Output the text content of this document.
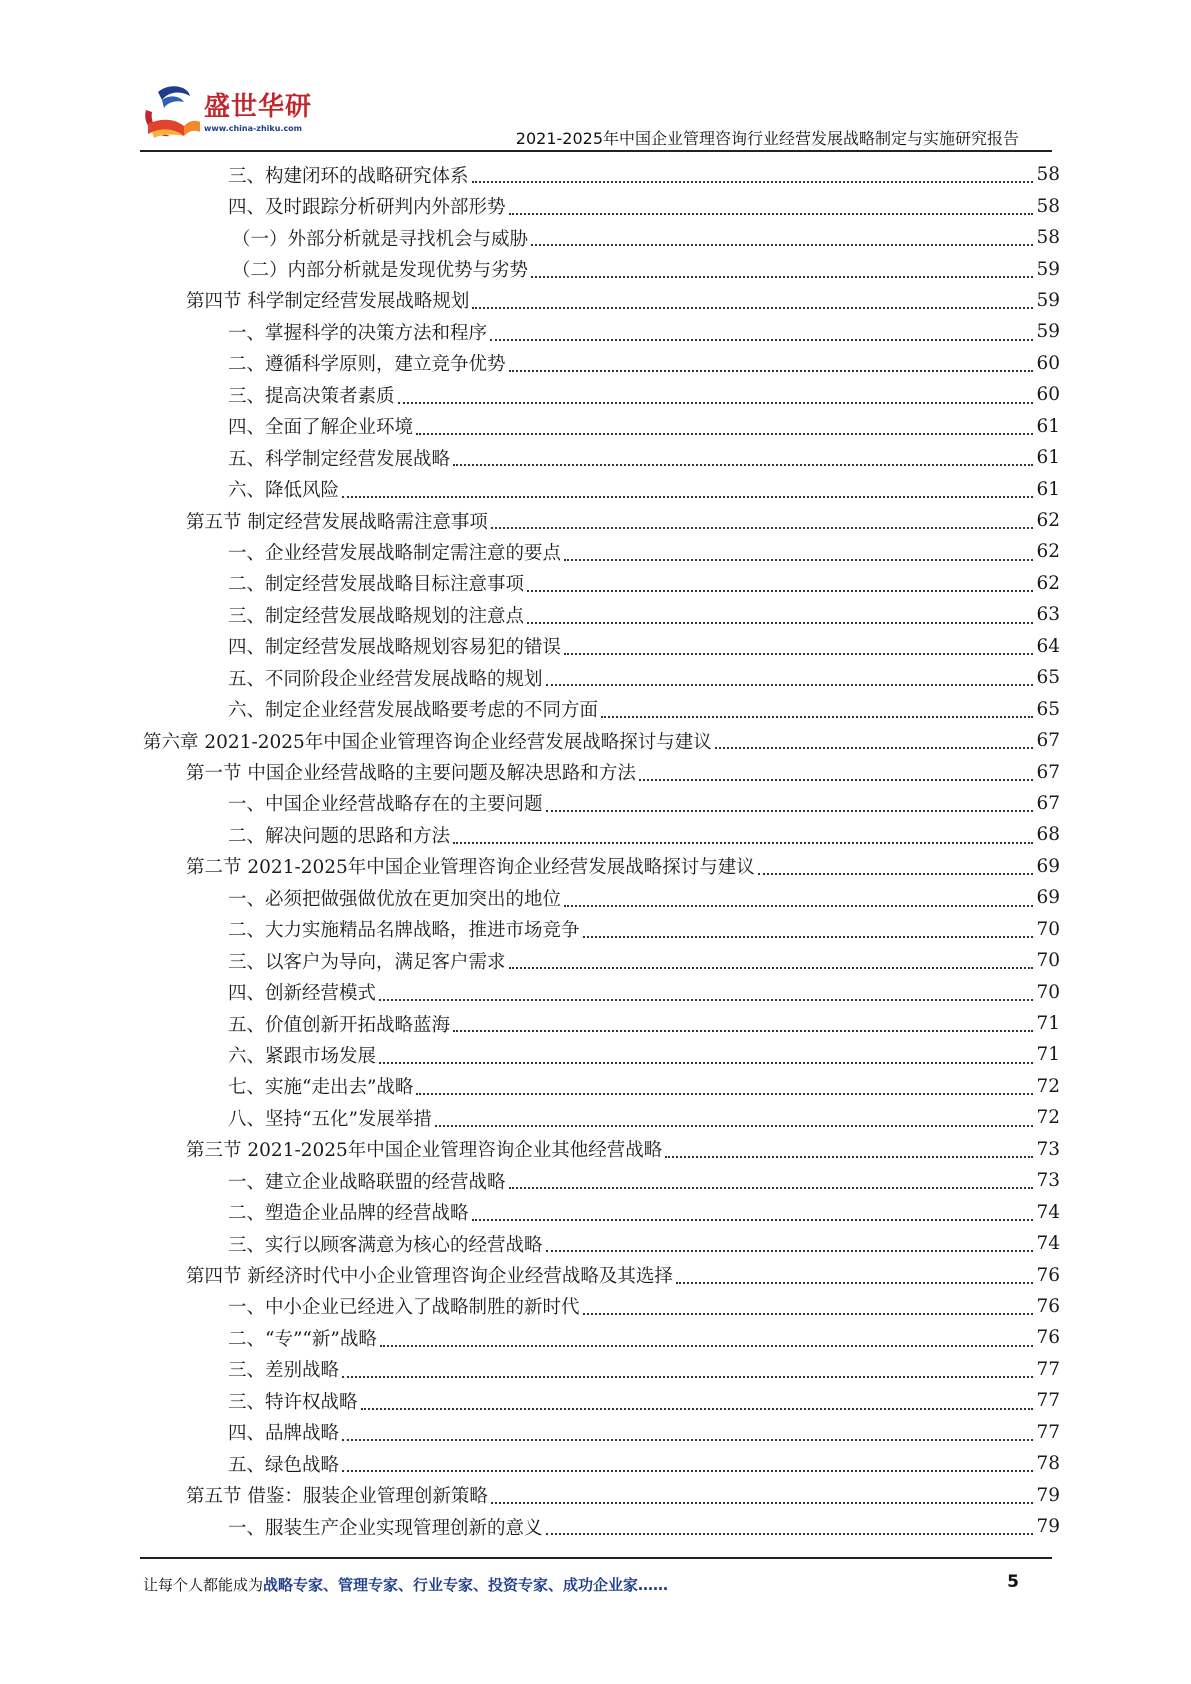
盛世华研
www.china-zhiku.com
2021-2025年中国企业管理咨询行业经营发展战略制定与实施研究报告
三、构建闭环的战略研究体系	58
四、及时跟踪分析研判内外部形势	58
（一）外部分析就是寻找机会与威胁	58
（二）内部分析就是发现优势与劣势	59
第四节 科学制定经营发展战略规划	59
一、掌握科学的决策方法和程序	59
二、遵循科学原则，建立竞争优势	60
三、提高决策者素质	60
四、全面了解企业环境	61
五、科学制定经营发展战略	61
六、降低风险	61
第五节 制定经营发展战略需注意事项	62
一、企业经营发展战略制定需注意的要点	62
二、制定经营发展战略目标注意事项	62
三、制定经营发展战略规划的注意点	63
四、制定经营发展战略规划容易犯的错误	64
五、不同阶段企业经营发展战略的规划	65
六、制定企业经营发展战略要考虑的不同方面	65
第六章 2021-2025年中国企业管理咨询企业经营发展战略探讨与建议	67
第一节 中国企业经营战略的主要问题及解决思路和方法	67
一、中国企业经营战略存在的主要问题	67
二、解决问题的思路和方法	68
第二节 2021-2025年中国企业管理咨询企业经营发展战略探讨与建议	69
一、必须把做强做优放在更加突出的地位	69
二、大力实施精品名牌战略，推进市场竞争	70
三、以客户为导向，满足客户需求	70
四、创新经营模式	70
五、价值创新开拓战略蓝海	71
六、紧跟市场发展	71
七、实施“走出去”战略	72
八、坚持“五化”发展举措	72
第三节 2021-2025年中国企业管理咨询企业其他经营战略	73
一、建立企业战略联盟的经营战略	73
二、塑造企业品牌的经营战略	74
三、实行以顾客满意为核心的经营战略	74
第四节 新经济时代中小企业管理咨询企业经营战略及其选择	76
一、中小企业已经进入了战略制胜的新时代	76
二、“专”“新”战略	76
三、差别战略	77
三、特许权战略	77
四、品牌战略	77
五、绿色战略	78
第五节 借鉴：服装企业管理创新策略	79
一、服装生产企业实现管理创新的意义	79
让每个人都能成为战略专家、管理专家、行业专家、投资专家、成功企业家……	5
